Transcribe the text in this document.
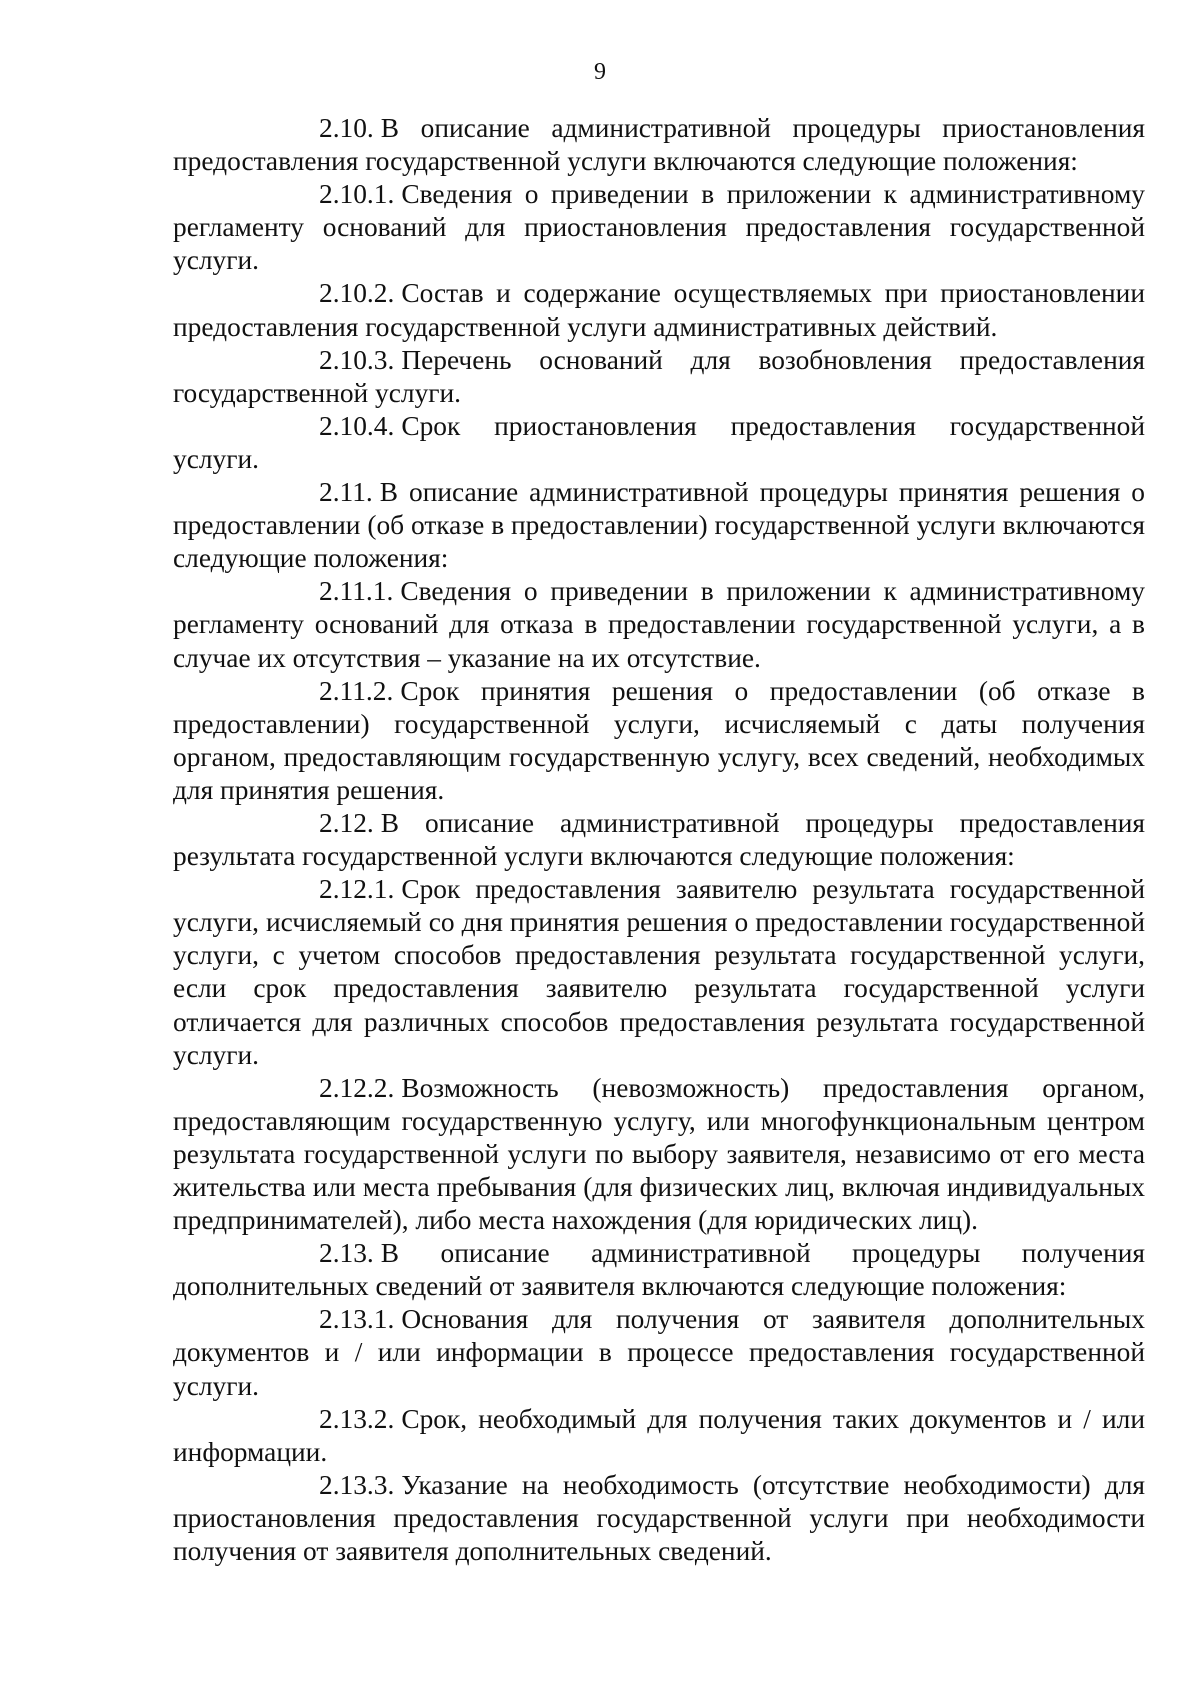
9

2.10. В описание административной процедуры приостановления предоставления государственной услуги включаются следующие положения:

2.10.1. Сведения о приведении в приложении к административному регламенту оснований для приостановления предоставления государственной услуги.

2.10.2. Состав и содержание осуществляемых при приостановлении предоставления государственной услуги административных действий.

2.10.3. Перечень оснований для возобновления предоставления государственной услуги.

2.10.4. Срок приостановления предоставления государственной услуги.

2.11. В описание административной процедуры принятия решения о предоставлении (об отказе в предоставлении) государственной услуги включаются следующие положения:

2.11.1. Сведения о приведении в приложении к административному регламенту оснований для отказа в предоставлении государственной услуги, а в случае их отсутствия – указание на их отсутствие.

2.11.2. Срок принятия решения о предоставлении (об отказе в предоставлении) государственной услуги, исчисляемый с даты получения органом, предоставляющим государственную услугу, всех сведений, необходимых для принятия решения.

2.12. В описание административной процедуры предоставления результата государственной услуги включаются следующие положения:

2.12.1. Срок предоставления заявителю результата государственной услуги, исчисляемый со дня принятия решения о предоставлении государственной услуги, с учетом способов предоставления результата государственной услуги, если срок предоставления заявителю результата государственной услуги отличается для различных способов предоставления результата государственной услуги.

2.12.2. Возможность (невозможность) предоставления органом, предоставляющим государственную услугу, или многофункциональным центром результата государственной услуги по выбору заявителя, независимо от его места жительства или места пребывания (для физических лиц, включая индивидуальных предпринимателей), либо места нахождения (для юридических лиц).

2.13. В описание административной процедуры получения дополнительных сведений от заявителя включаются следующие положения:

2.13.1. Основания для получения от заявителя дополнительных документов и / или информации в процессе предоставления государственной услуги.

2.13.2. Срок, необходимый для получения таких документов и / или информации.

2.13.3. Указание на необходимость (отсутствие необходимости) для приостановления предоставления государственной услуги при необходимости получения от заявителя дополнительных сведений.
